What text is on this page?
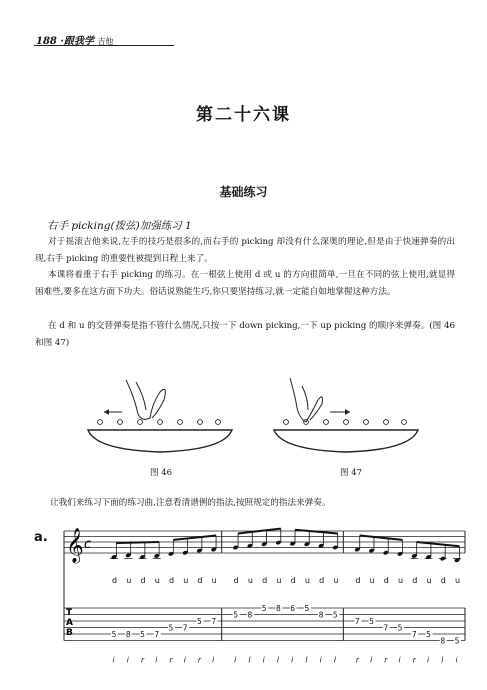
188 ·跟我学 吉他
第二十六课
基础练习
右手 picking(拨弦)加强练习 1
对于摇滚吉他来说,左手的技巧是很多的,而右手的 picking 却没有什么深奥的理论,但是由于快速弹奏的出现,右手 picking 的重要性被提到日程上来了。
本课将着重于右手 picking 的练习。在一根弦上使用 d 或 u 的方向很简单,一旦在不同的弦上使用,就显得困难些,要多在这方面下功夫。俗话说熟能生巧,你只要坚持练习,就一定能自如地掌握这种方法。
在 d 和 u 的交替弹奏是指不管什么情况,只按一下 down picking,一下 up picking 的顺序来弹奏。(图 46 和图 47)
图 46	图 47
让我们来练习下面的练习曲,注意看清谱例的指法,按照规定的指法来弹奏。
a. 𝄞 c
T
A
B
d
5
i
u
8
i
d
5
r
u
7
i
d
5
r
u
7
i
d
5
r
u
7
i
d
5
i
u
8
l
d
5
i
u
8
l
d
6
i
u
5
l
d
8
i
u
5
l
d
7
r
u
5
i
d
7
r
u
5
i
d
7
r
u
5
i
d
8
l
u
5
i
